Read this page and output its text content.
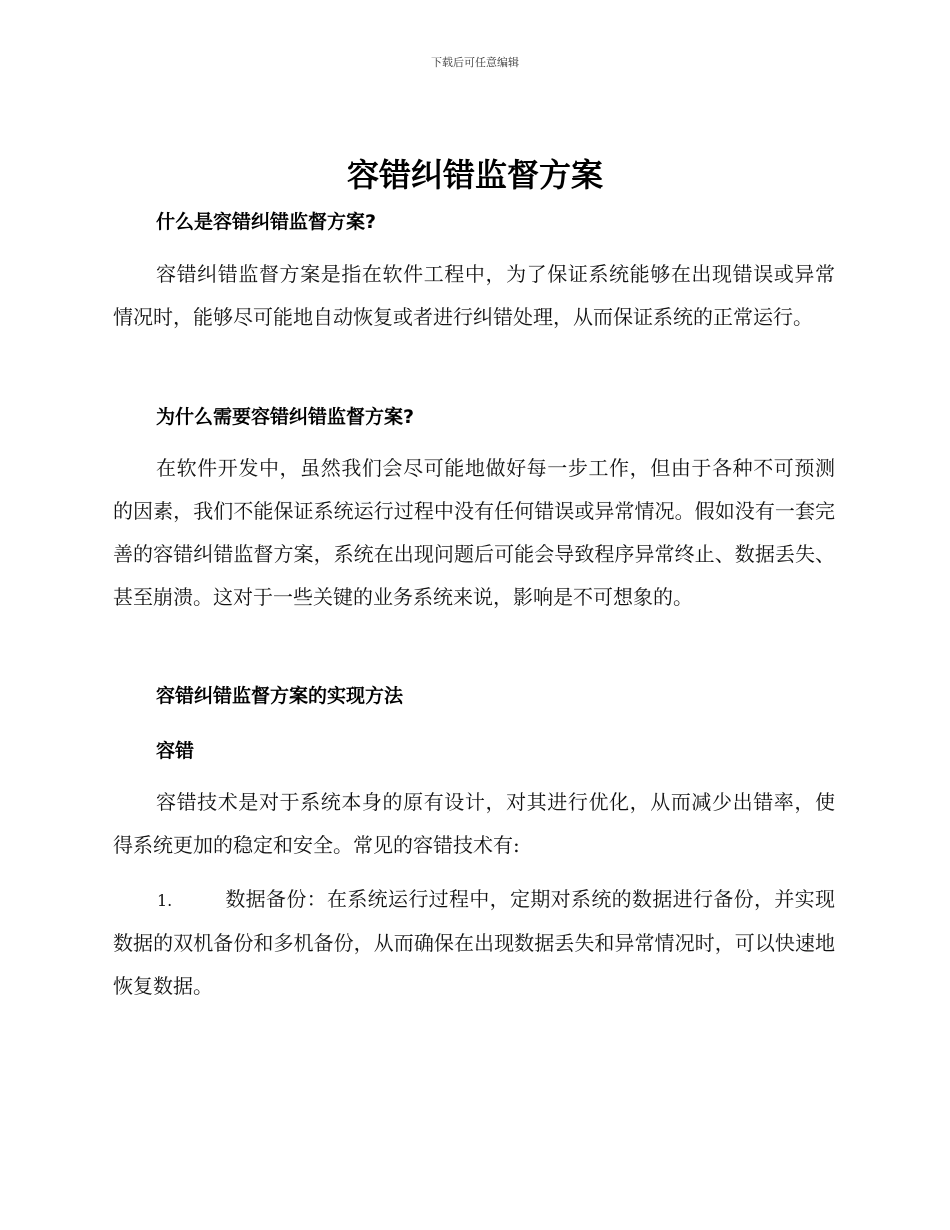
下载后可任意编辑
容错纠错监督方案
什么是容错纠错监督方案?

容错纠错监督方案是指在软件工程中，为了保证系统能够在出现错误或异常情况时，能够尽可能地自动恢复或者进行纠错处理，从而保证系统的正常运行。

为什么需要容错纠错监督方案?

在软件开发中，虽然我们会尽可能地做好每一步工作，但由于各种不可预测的因素，我们不能保证系统运行过程中没有任何错误或异常情况。假如没有一套完善的容错纠错监督方案，系统在出现问题后可能会导致程序异常终止、数据丢失、甚至崩溃。这对于一些关键的业务系统来说，影响是不可想象的。

容错纠错监督方案的实现方法
容错

容错技术是对于系统本身的原有设计，对其进行优化，从而减少出错率，使得系统更加的稳定和安全。常见的容错技术有:

1.	数据备份：在系统运行过程中，定期对系统的数据进行备份，并实现数据的双机备份和多机备份，从而确保在出现数据丢失和异常情况时，可以快速地恢复数据。
